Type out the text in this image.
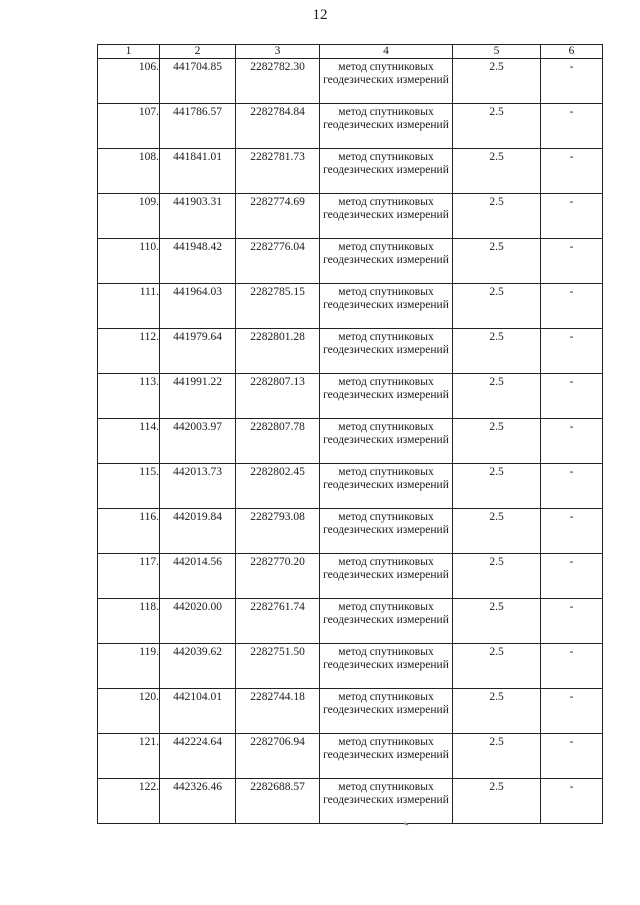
12
1	2	3	4	5	6
106.	441704.85	2282782.30	метод спутниковых геодезических измерений	2.5	-
107.	441786.57	2282784.84	метод спутниковых геодезических измерений	2.5	-
108.	441841.01	2282781.73	метод спутниковых геодезических измерений	2.5	-
109.	441903.31	2282774.69	метод спутниковых геодезических измерений	2.5	-
110.	441948.42	2282776.04	метод спутниковых геодезических измерений	2.5	-
111.	441964.03	2282785.15	метод спутниковых геодезических измерений	2.5	-
112.	441979.64	2282801.28	метод спутниковых геодезических измерений	2.5	-
113.	441991.22	2282807.13	метод спутниковых геодезических измерений	2.5	-
114.	442003.97	2282807.78	метод спутниковых геодезических измерений	2.5	-
115.	442013.73	2282802.45	метод спутниковых геодезических измерений	2.5	-
116.	442019.84	2282793.08	метод спутниковых геодезических измерений	2.5	-
117.	442014.56	2282770.20	метод спутниковых геодезических измерений	2.5	-
118.	442020.00	2282761.74	метод спутниковых геодезических измерений	2.5	-
119.	442039.62	2282751.50	метод спутниковых геодезических измерений	2.5	-
120.	442104.01	2282744.18	метод спутниковых геодезических измерений	2.5	-
121.	442224.64	2282706.94	метод спутниковых геодезических измерений	2.5	-
122.	442326.46	2282688.57	метод спутниковых геодезических измерений	2.5	-
